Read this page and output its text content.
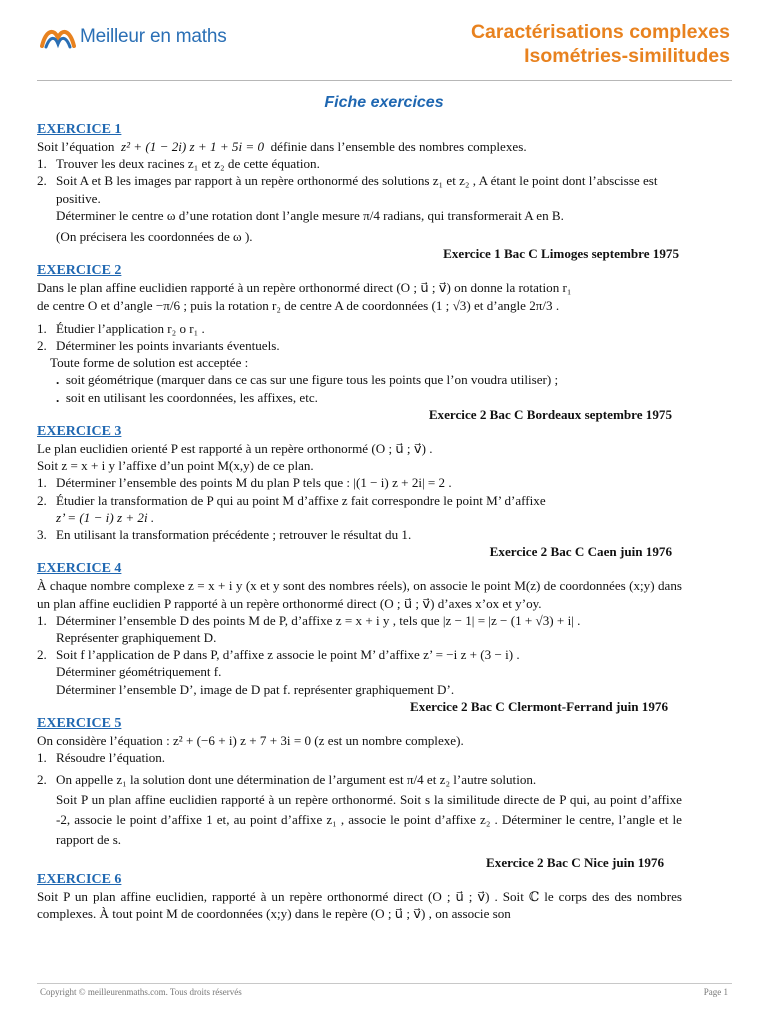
Meilleur en maths	Caractérisations complexes
Isométries-similitudes
Fiche exercices
EXERCICE 1

Soit l’équation z² + (1 − 2i) z + 1 + 5i = 0 définie dans l’ensemble des nombres complexes.

1. Trouver les deux racines z₁ et z₂ de cette équation.
2. Soit A et B les images par rapport à un repère orthonormé des solutions z₁ et z₂ , A étant le point dont l’abscisse est positive.
Déterminer le centre ω d’une rotation dont l’angle mesure π/4 radians, qui transformerait A en B.
(On précisera les coordonnées de ω ).
Exercice 1 Bac C Limoges septembre 1975
EXERCICE 2
Dans le plan affine euclidien rapporté à un repère orthonormé direct (O ; u⃗ ; v⃗) on donne la rotation r₁
de centre O et d’angle −π/6 ; puis la rotation r₂ de centre A de coordonnées (1 ; √3) et d’angle 2π/3 .
1. Étudier l’application r₂ o r₁ .
2. Déterminer les points invariants éventuels.
Toute forme de solution est acceptée :
. soit géométrique (marquer dans ce cas sur une figure tous les points que l’on voudra utiliser) ;
. soit en utilisant les coordonnées, les affixes, etc.
Exercice 2 Bac C Bordeaux septembre 1975
EXERCICE 3
Le plan euclidien orienté P est rapporté à un repère orthonormé (O ; u⃗ ; v⃗) .
Soit z = x + i y l’affixe d’un point M(x,y) de ce plan.
1. Déterminer l’ensemble des points M du plan P tels que : |(1 − i) z + 2i| = 2 .
2. Étudier la transformation de P qui au point M d’affixe z fait correspondre le point M’ d’affixe
z’ = (1 − i) z + 2i .
3. En utilisant la transformation précédente ; retrouver le résultat du 1.
Exercice 2 Bac C Caen juin 1976
EXERCICE 4
À chaque nombre complexe z = x + i y (x et y sont des nombres réels), on associe le point M(z) de coordonnées (x;y) dans un plan affine euclidien P rapporté à un repère orthonormé direct (O ; u⃗ ; v⃗) d’axes x’ox et y’oy.
1. Déterminer l’ensemble D des points M de P, d’affixe z = x + i y , tels que |z − 1| = |z − (1 + √3) + i| .
Représenter graphiquement D.
2. Soit f l’application de P dans P, d’affixe z associe le point M’ d’affixe z’ = −i z + (3 − i) .
Déterminer géométriquement f.
Déterminer l’ensemble D’, image de D pat f. représenter graphiquement D’.
Exercice 2 Bac C Clermont-Ferrand juin 1976
EXERCICE 5
On considère l’équation : z² + (−6 + i) z + 7 + 3i = 0 (z est un nombre complexe).
1. Résoudre l’équation.
2. On appelle z₁ la solution dont une détermination de l’argument est π/4 et z₂ l’autre solution.
Soit P un plan affine euclidien rapporté à un repère orthonormé. Soit s la similitude directe de P qui, au point d’affixe -2, associe le point d’affixe 1 et, au point d’affixe z₁ , associe le point d’affixe z₂ . Déterminer le centre, l’angle et le rapport de s.
Exercice 2 Bac C Nice juin 1976
EXERCICE 6
Soit P un plan affine euclidien, rapporté à un repère orthonormé direct (O ; u⃗ ; v⃗) . Soit ℂ le corps des des nombres complexes. À tout point M de coordonnées (x;y) dans le repère (O ; u⃗ ; v⃗) , on associe son
Copyright © meilleurenmaths.com. Tous droits réservés	Page 1
